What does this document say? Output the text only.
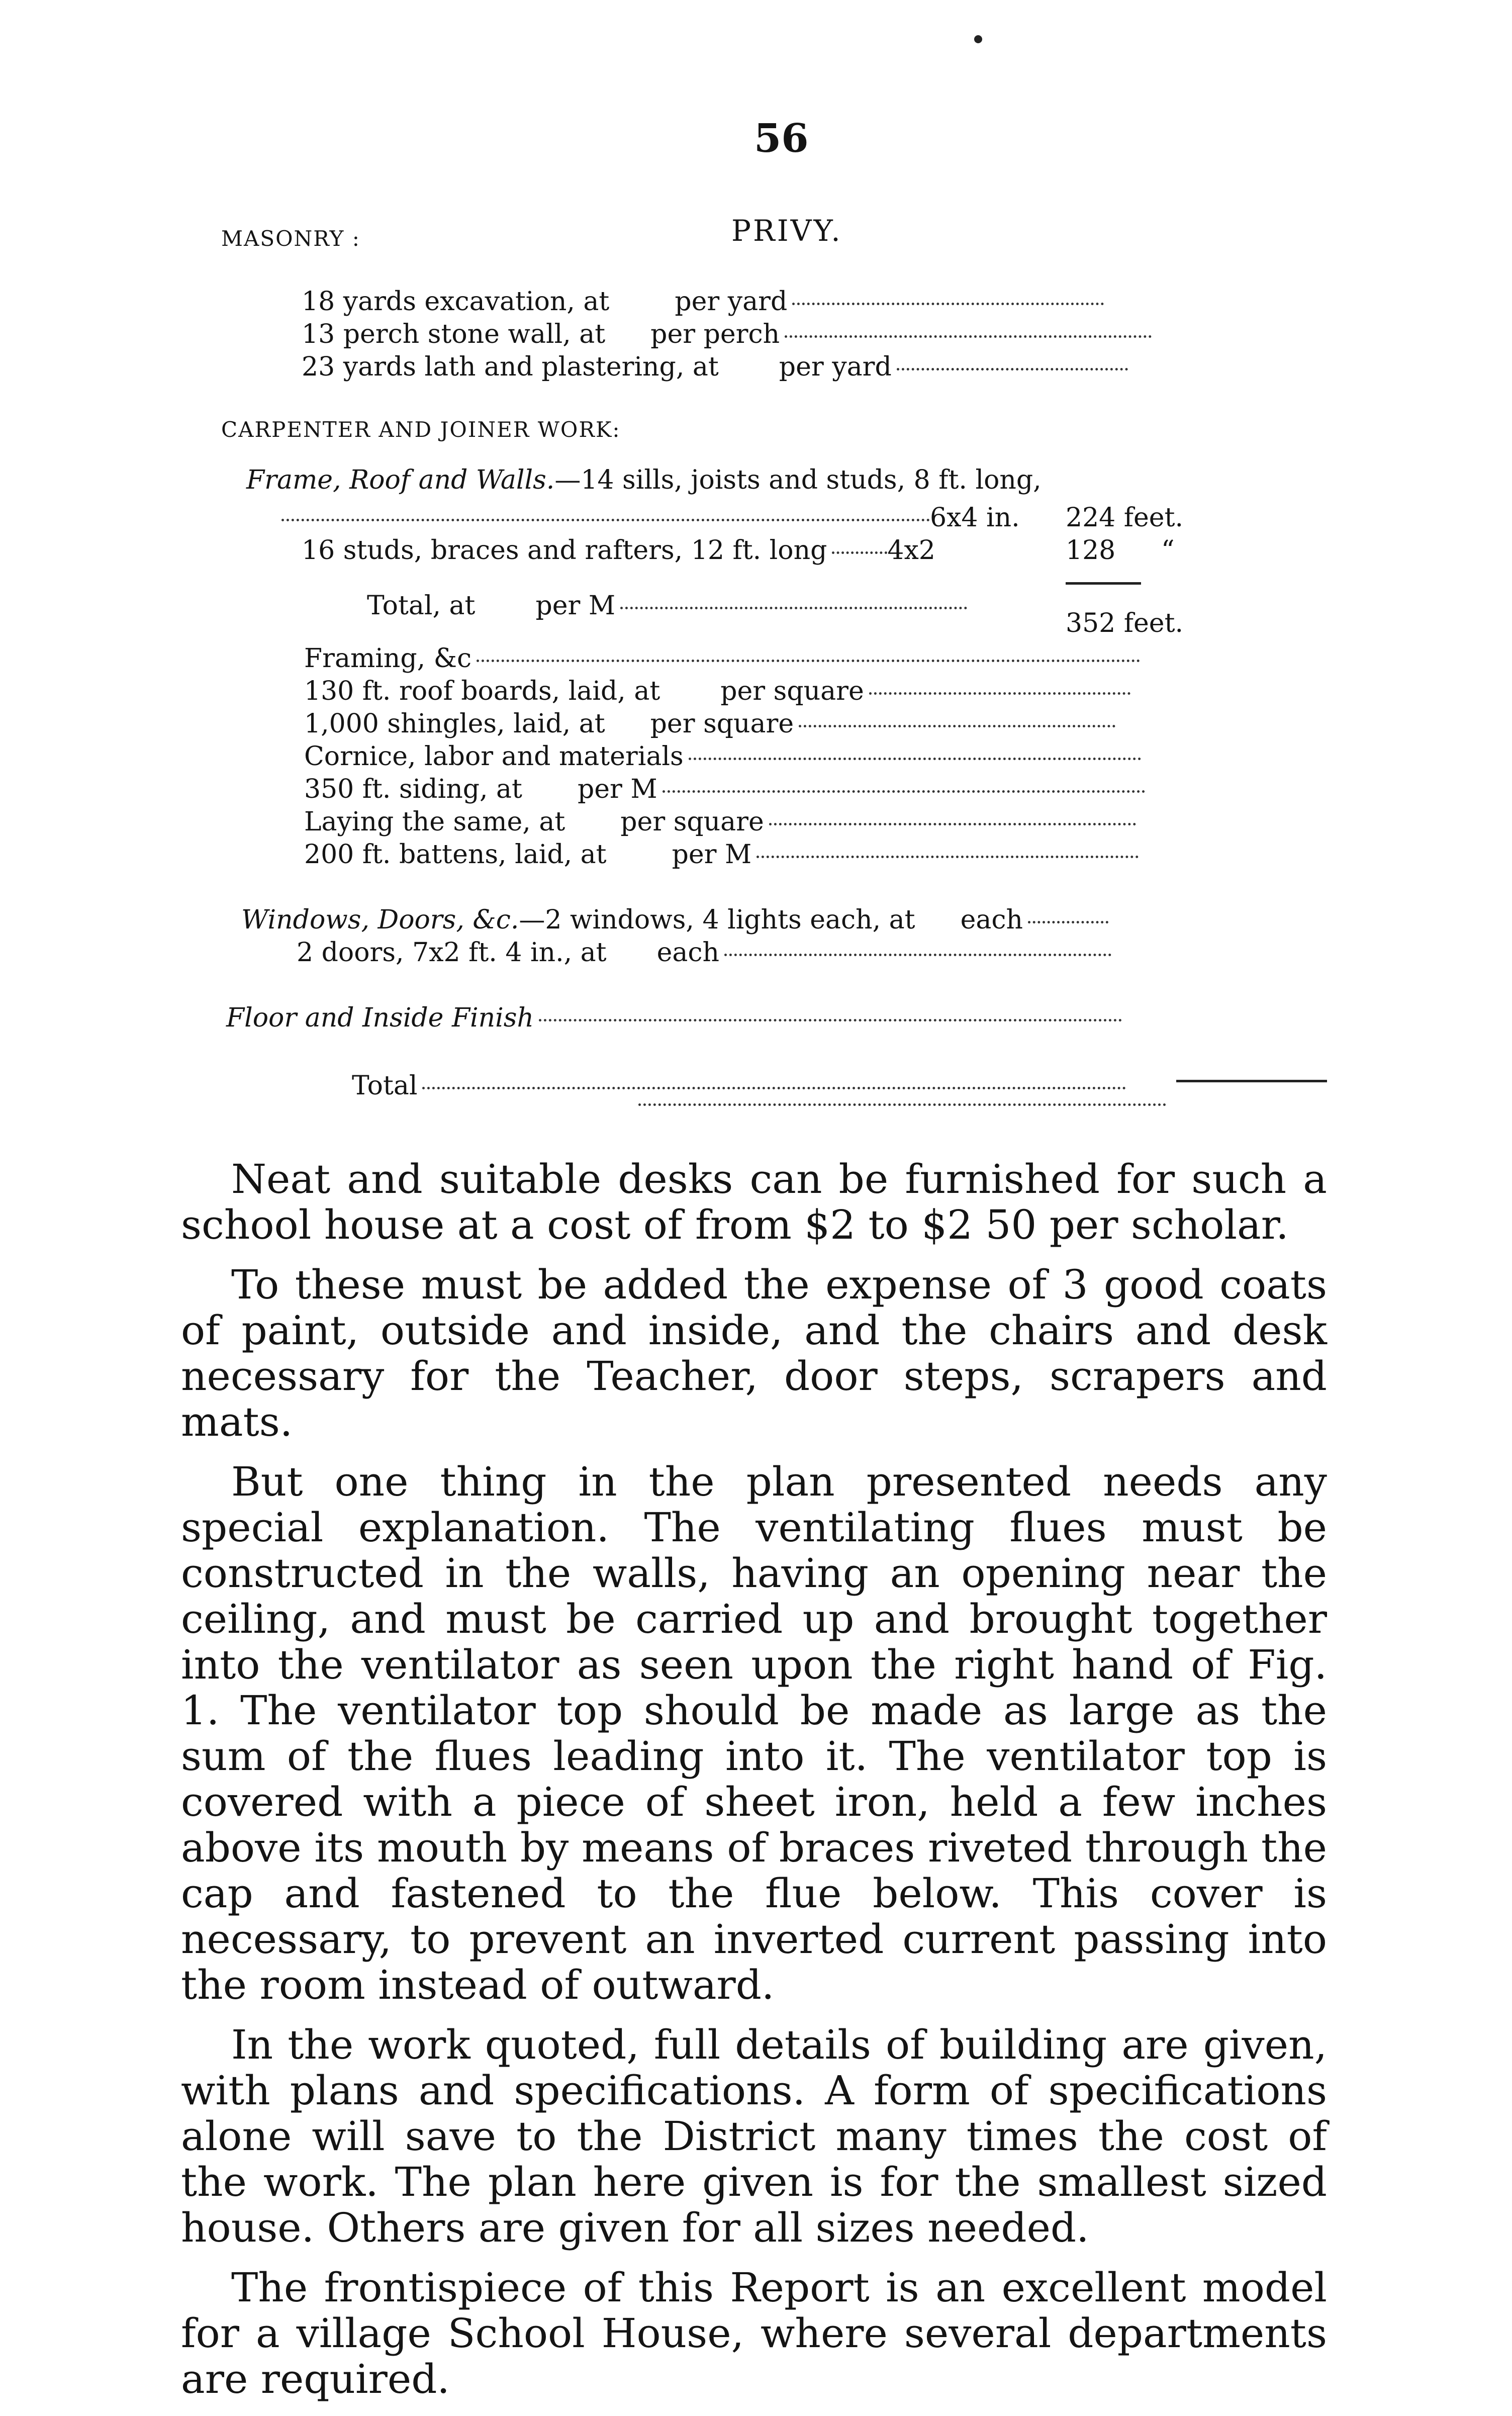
56
PRIVY.
MASONRY :
18 yards excavation, at	per yard
13 perch stone wall, at per perch
23 yards lath and plastering, at per yard
CARPENTER AND JOINER WORK:
Frame, Roof and Walls. —14 sills, joists and studs, 8 ft. long,
6x4 in. 224 feet.
16 studs, braces and rafters, 12 ft. long 4x2	128 “
Total, at per M
352 feet.
Framing, &c
130 ft. roof boards, laid, at per square
1,000 shingles, laid, at per square
Cornice, labor and materials
350 ft. siding, at per M
Laying the same, at per square
200 ft. battens, laid, at	per M
Windows, Doors, &c. —2 windows, 4 lights each, at each
2 doors, 7x2 ft. 4 in., at each
Floor and Inside Finish
Total

Neat and suitable desks can be furnished for such a school house at a cost of from $2 to $2 50 per scholar.

To these must be added the expense of 3 good coats of paint, outside and inside, and the chairs and desk necessary for the Teacher, door steps, scrapers and mats.

But one thing in the plan presented needs any special explanation. The ventilating flues must be constructed in the walls, having an opening near the ceiling, and must be carried up and brought together into the ventilator as seen upon the right hand of Fig. 1. The ventilator top should be made as large as the sum of the flues leading into it. The ventilator top is covered with a piece of sheet iron, held a few inches above its mouth by means of braces riveted through the cap and fastened to the flue below. This cover is necessary, to prevent an inverted current passing into the room instead of outward.

In the work quoted, full details of building are given, with plans and specifications. A form of specifications alone will save to the District many times the cost of the work. The plan here given is for the smallest sized house. Others are given for all sizes needed.

The frontispiece of this Report is an excellent model for a village School House, where several departments are required.
